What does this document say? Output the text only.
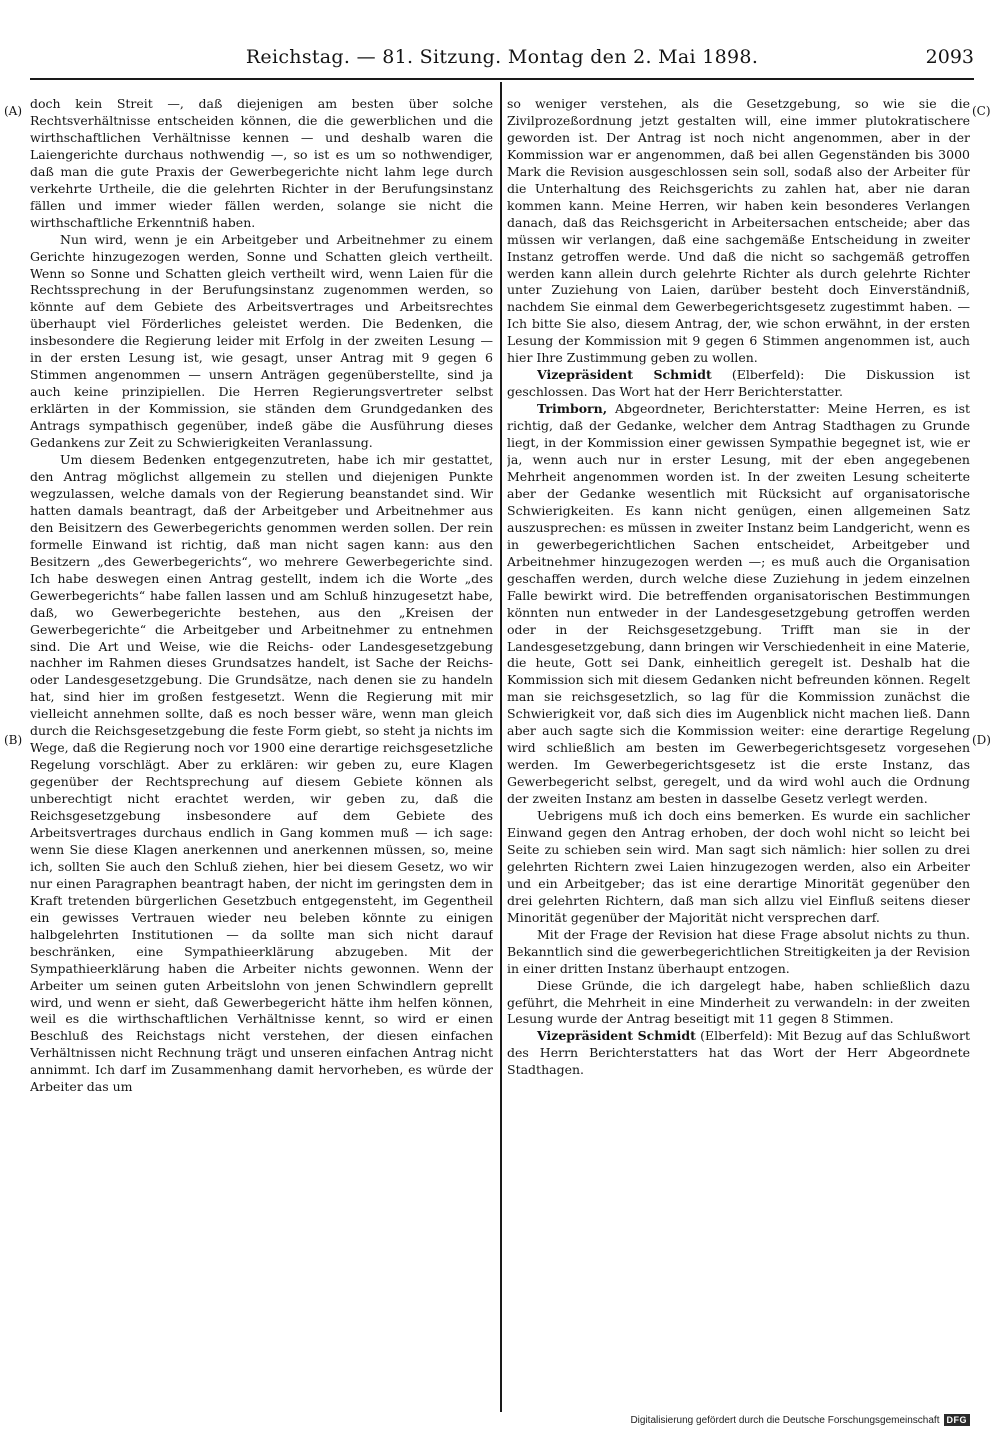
Reichstag. — 81. Sitzung. Montag den 2. Mai 1898.	2093
(A)
(B)
(C)
(D)

doch kein Streit —, daß diejenigen am besten über solche Rechtsverhältnisse entscheiden können, die die gewerblichen und die wirthschaftlichen Verhältnisse kennen — und deshalb waren die Laiengerichte durchaus nothwendig —, so ist es um so nothwendiger, daß man die gute Praxis der Gewerbegerichte nicht lahm lege durch verkehrte Urtheile, die die gelehrten Richter in der Berufungsinstanz fällen und immer wieder fällen werden, solange sie nicht die wirthschaftliche Erkenntniß haben.

Nun wird, wenn je ein Arbeitgeber und Arbeitnehmer zu einem Gerichte hinzugezogen werden, Sonne und Schatten gleich vertheilt. Wenn so Sonne und Schatten gleich vertheilt wird, wenn Laien für die Rechtssprechung in der Berufungsinstanz zugenommen werden, so könnte auf dem Gebiete des Arbeitsvertrages und Arbeitsrechtes überhaupt viel Förderliches geleistet werden. Die Bedenken, die insbesondere die Regierung leider mit Erfolg in der zweiten Lesung — in der ersten Lesung ist, wie gesagt, unser Antrag mit 9 gegen 6 Stimmen angenommen — unsern Anträgen gegenüberstellte, sind ja auch keine prinzipiellen. Die Herren Regierungsvertreter selbst erklärten in der Kommission, sie ständen dem Grundgedanken des Antrags sympathisch gegenüber, indeß gäbe die Ausführung dieses Gedankens zur Zeit zu Schwierigkeiten Veranlassung.

Um diesem Bedenken entgegenzutreten, habe ich mir gestattet, den Antrag möglichst allgemein zu stellen und diejenigen Punkte wegzulassen, welche damals von der Regierung beanstandet sind. Wir hatten damals beantragt, daß der Arbeitgeber und Arbeitnehmer aus den Beisitzern des Gewerbegerichts genommen werden sollen. Der rein formelle Einwand ist richtig, daß man nicht sagen kann: aus den Besitzern „des Gewerbegerichts“, wo mehrere Gewerbegerichte sind. Ich habe deswegen einen Antrag gestellt, indem ich die Worte „des Gewerbegerichts“ habe fallen lassen und am Schluß hinzugesetzt habe, daß, wo Gewerbegerichte bestehen, aus den „Kreisen der Gewerbegerichte“ die Arbeitgeber und Arbeitnehmer zu entnehmen sind. Die Art und Weise, wie die Reichs- oder Landesgesetzgebung nachher im Rahmen dieses Grundsatzes handelt, ist Sache der Reichs- oder Landesgesetzgebung. Die Grundsätze, nach denen sie zu handeln hat, sind hier im großen festgesetzt. Wenn die Regierung mit mir vielleicht annehmen sollte, daß es noch besser wäre, wenn man gleich durch die Reichsgesetzgebung die feste Form giebt, so steht ja nichts im Wege, daß die Regierung noch vor 1900 eine derartige reichsgesetzliche Regelung vorschlägt. Aber zu erklären: wir geben zu, eure Klagen gegenüber der Rechtsprechung auf diesem Gebiete können als unberechtigt nicht erachtet werden, wir geben zu, daß die Reichsgesetzgebung insbesondere auf dem Gebiete des Arbeitsvertrages durchaus endlich in Gang kommen muß — ich sage: wenn Sie diese Klagen anerkennen und anerkennen müssen, so, meine ich, sollten Sie auch den Schluß ziehen, hier bei diesem Gesetz, wo wir nur einen Paragraphen beantragt haben, der nicht im geringsten dem in Kraft tretenden bürgerlichen Gesetzbuch entgegensteht, im Gegentheil ein gewisses Vertrauen wieder neu beleben könnte zu einigen halbgelehrten Institutionen — da sollte man sich nicht darauf beschränken, eine Sympathieerklärung abzugeben. Mit der Sympathieerklärung haben die Arbeiter nichts gewonnen. Wenn der Arbeiter um seinen guten Arbeitslohn von jenen Schwindlern geprellt wird, und wenn er sieht, daß Gewerbegericht hätte ihm helfen können, weil es die wirthschaftlichen Verhältnisse kennt, so wird er einen Beschluß des Reichstags nicht verstehen, der diesen einfachen Verhältnissen nicht Rechnung trägt und unseren einfachen Antrag nicht annimmt. Ich darf im Zusammenhang damit hervorheben, es würde der Arbeiter das um

so weniger verstehen, als die Gesetzgebung, so wie sie die Zivilprozeßordnung jetzt gestalten will, eine immer plutokratischere geworden ist. Der Antrag ist noch nicht angenommen, aber in der Kommission war er angenommen, daß bei allen Gegenständen bis 3000 Mark die Revision ausgeschlossen sein soll, sodaß also der Arbeiter für die Unterhaltung des Reichsgerichts zu zahlen hat, aber nie daran kommen kann. Meine Herren, wir haben kein besonderes Verlangen danach, daß das Reichsgericht in Arbeitersachen entscheide; aber das müssen wir verlangen, daß eine sachgemäße Entscheidung in zweiter Instanz getroffen werde. Und daß die nicht so sachgemäß getroffen werden kann allein durch gelehrte Richter als durch gelehrte Richter unter Zuziehung von Laien, darüber besteht doch Einverständniß, nachdem Sie einmal dem Gewerbegerichtsgesetz zugestimmt haben. — Ich bitte Sie also, diesem Antrag, der, wie schon erwähnt, in der ersten Lesung der Kommission mit 9 gegen 6 Stimmen angenommen ist, auch hier Ihre Zustimmung geben zu wollen.

Vizepräsident Schmidt (Elberfeld): Die Diskussion ist geschlossen. Das Wort hat der Herr Berichterstatter.

Trimborn, Abgeordneter, Berichterstatter: Meine Herren, es ist richtig, daß der Gedanke, welcher dem Antrag Stadthagen zu Grunde liegt, in der Kommission einer gewissen Sympathie begegnet ist, wie er ja, wenn auch nur in erster Lesung, mit der eben angegebenen Mehrheit angenommen worden ist. In der zweiten Lesung scheiterte aber der Gedanke wesentlich mit Rücksicht auf organisatorische Schwierigkeiten. Es kann nicht genügen, einen allgemeinen Satz auszusprechen: es müssen in zweiter Instanz beim Landgericht, wenn es in gewerbegerichtlichen Sachen entscheidet, Arbeitgeber und Arbeitnehmer hinzugezogen werden —; es muß auch die Organisation geschaffen werden, durch welche diese Zuziehung in jedem einzelnen Falle bewirkt wird. Die betreffenden organisatorischen Bestimmungen könnten nun entweder in der Landesgesetzgebung getroffen werden oder in der Reichsgesetzgebung. Trifft man sie in der Landesgesetzgebung, dann bringen wir Verschiedenheit in eine Materie, die heute, Gott sei Dank, einheitlich geregelt ist. Deshalb hat die Kommission sich mit diesem Gedanken nicht befreunden können. Regelt man sie reichsgesetzlich, so lag für die Kommission zunächst die Schwierigkeit vor, daß sich dies im Augenblick nicht machen ließ. Dann aber auch sagte sich die Kommission weiter: eine derartige Regelung wird schließlich am besten im Gewerbegerichtsgesetz vorgesehen werden. Im Gewerbegerichtsgesetz ist die erste Instanz, das Gewerbegericht selbst, geregelt, und da wird wohl auch die Ordnung der zweiten Instanz am besten in dasselbe Gesetz verlegt werden.

Uebrigens muß ich doch eins bemerken. Es wurde ein sachlicher Einwand gegen den Antrag erhoben, der doch wohl nicht so leicht bei Seite zu schieben sein wird. Man sagt sich nämlich: hier sollen zu drei gelehrten Richtern zwei Laien hinzugezogen werden, also ein Arbeiter und ein Arbeitgeber; das ist eine derartige Minorität gegenüber den drei gelehrten Richtern, daß man sich allzu viel Einfluß seitens dieser Minorität gegenüber der Majorität nicht versprechen darf.

Mit der Frage der Revision hat diese Frage absolut nichts zu thun. Bekanntlich sind die gewerbegerichtlichen Streitigkeiten ja der Revision in einer dritten Instanz überhaupt entzogen.

Diese Gründe, die ich dargelegt habe, haben schließlich dazu geführt, die Mehrheit in eine Minderheit zu verwandeln: in der zweiten Lesung wurde der Antrag beseitigt mit 11 gegen 8 Stimmen.

Vizepräsident Schmidt (Elberfeld): Mit Bezug auf das Schlußwort des Herrn Berichterstatters hat das Wort der Herr Abgeordnete Stadthagen.

Digitalisierung gefördert durch die Deutsche Forschungsgemeinschaft DFG
